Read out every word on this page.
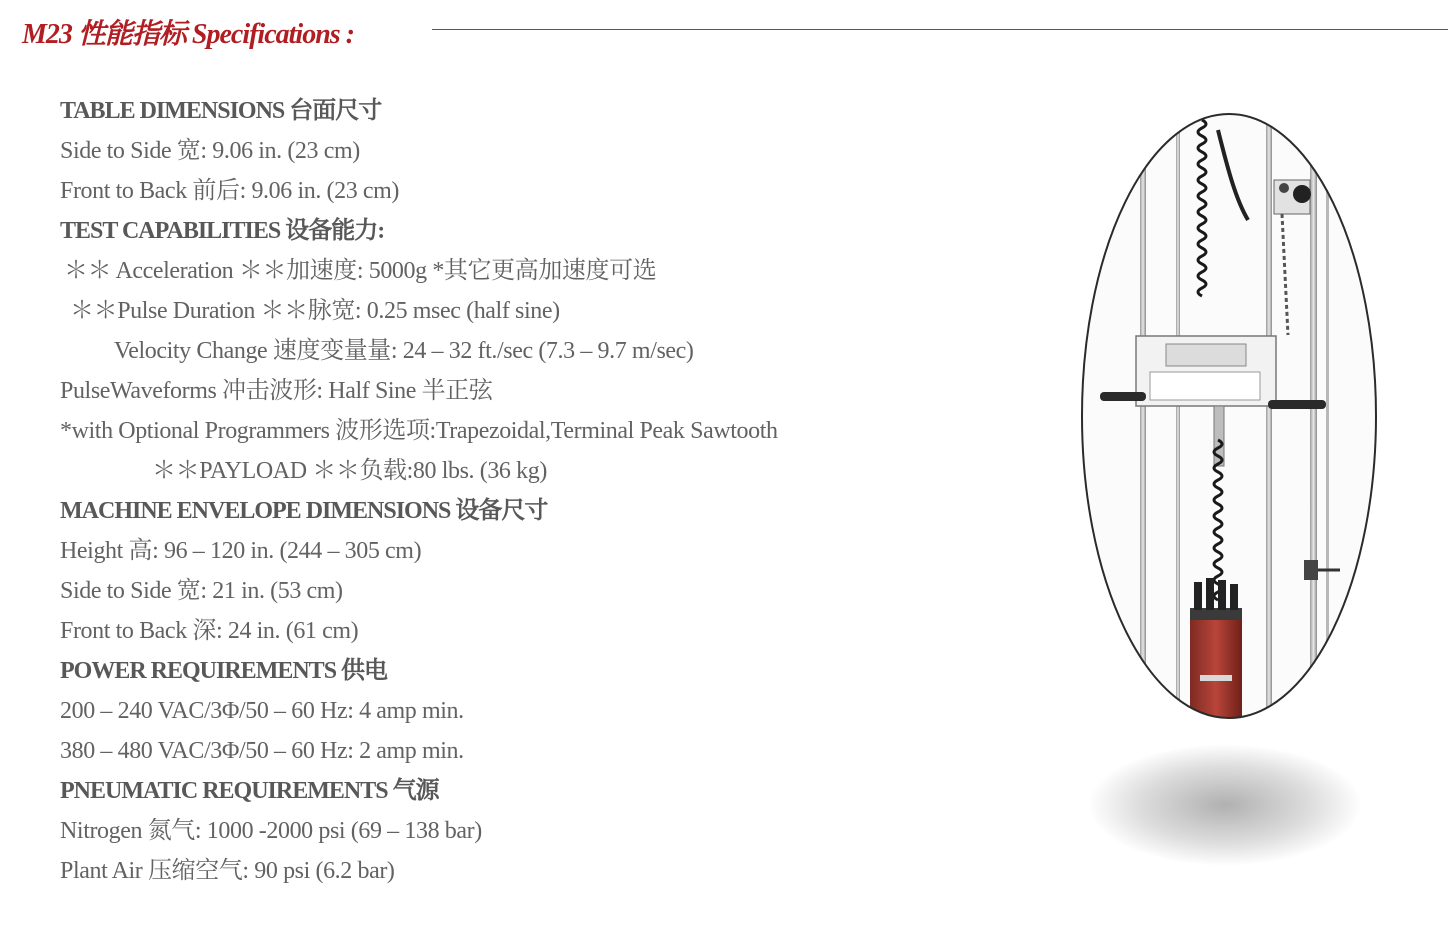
M23 性能指标 Specifications :
TABLE DIMENSIONS 台面尺寸
Side to Side 宽: 9.06 in. (23 cm)
Front to Back 前后: 9.06 in. (23 cm)
TEST CAPABILITIES 设备能力:
＊＊ Acceleration ＊＊加速度: 5000g *其它更高加速度可选
＊＊Pulse Duration ＊＊脉宽: 0.25 msec (half sine)
Velocity Change 速度变量量: 24 – 32 ft./sec (7.3 – 9.7 m/sec)
PulseWaveforms 冲击波形: Half Sine 半正弦
*with Optional Programmers 波形选项:Trapezoidal,Terminal Peak Sawtooth
＊＊PAYLOAD ＊＊负载:80 lbs. (36 kg)
MACHINE ENVELOPE DIMENSIONS 设备尺寸
Height 高: 96 – 120 in. (244 – 305 cm)
Side to Side 宽: 21 in. (53 cm)
Front to Back 深: 24 in. (61 cm)
POWER REQUIREMENTS 供电
200 – 240 VAC/3Φ/50 – 60 Hz: 4 amp min.
380 – 480 VAC/3Φ/50 – 60 Hz: 2 amp min.
PNEUMATIC REQUIREMENTS 气源
Nitrogen 氮气: 1000 -2000 psi (69 – 138 bar)
Plant Air 压缩空气: 90 psi (6.2 bar)
